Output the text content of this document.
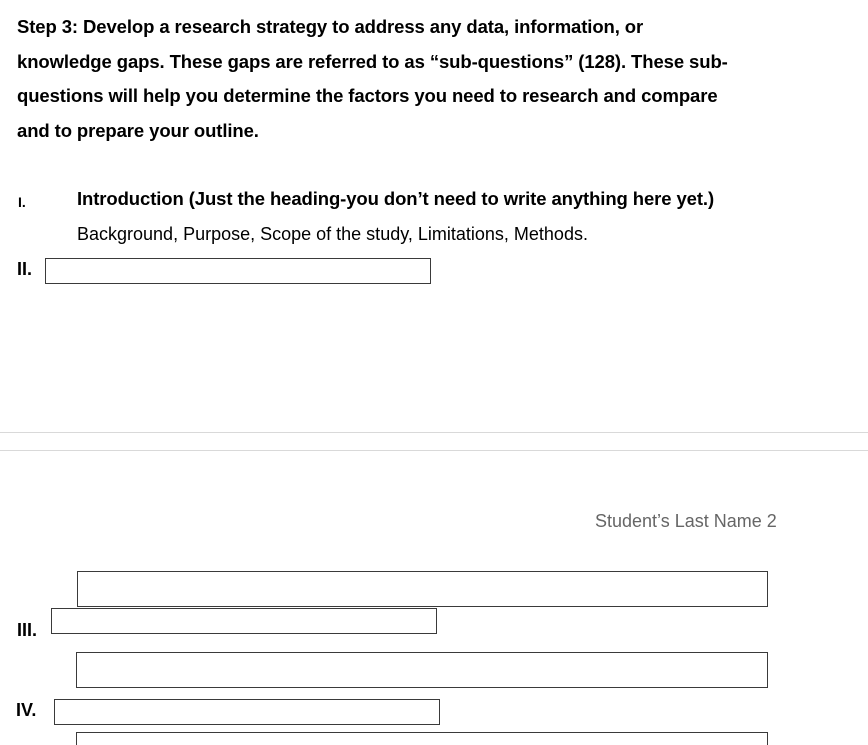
Step 3: Develop a research strategy to address any data, information, or
knowledge gaps. These gaps are referred to as “sub-questions” (128). These sub-
questions will help you determine the factors you need to research and compare
and to prepare your outline.
I.	Introduction (Just the heading-you don’t need to write anything here yet.)
Background, Purpose, Scope of the study, Limitations, Methods.
II.
Student’s Last Name 2
III.
IV.
